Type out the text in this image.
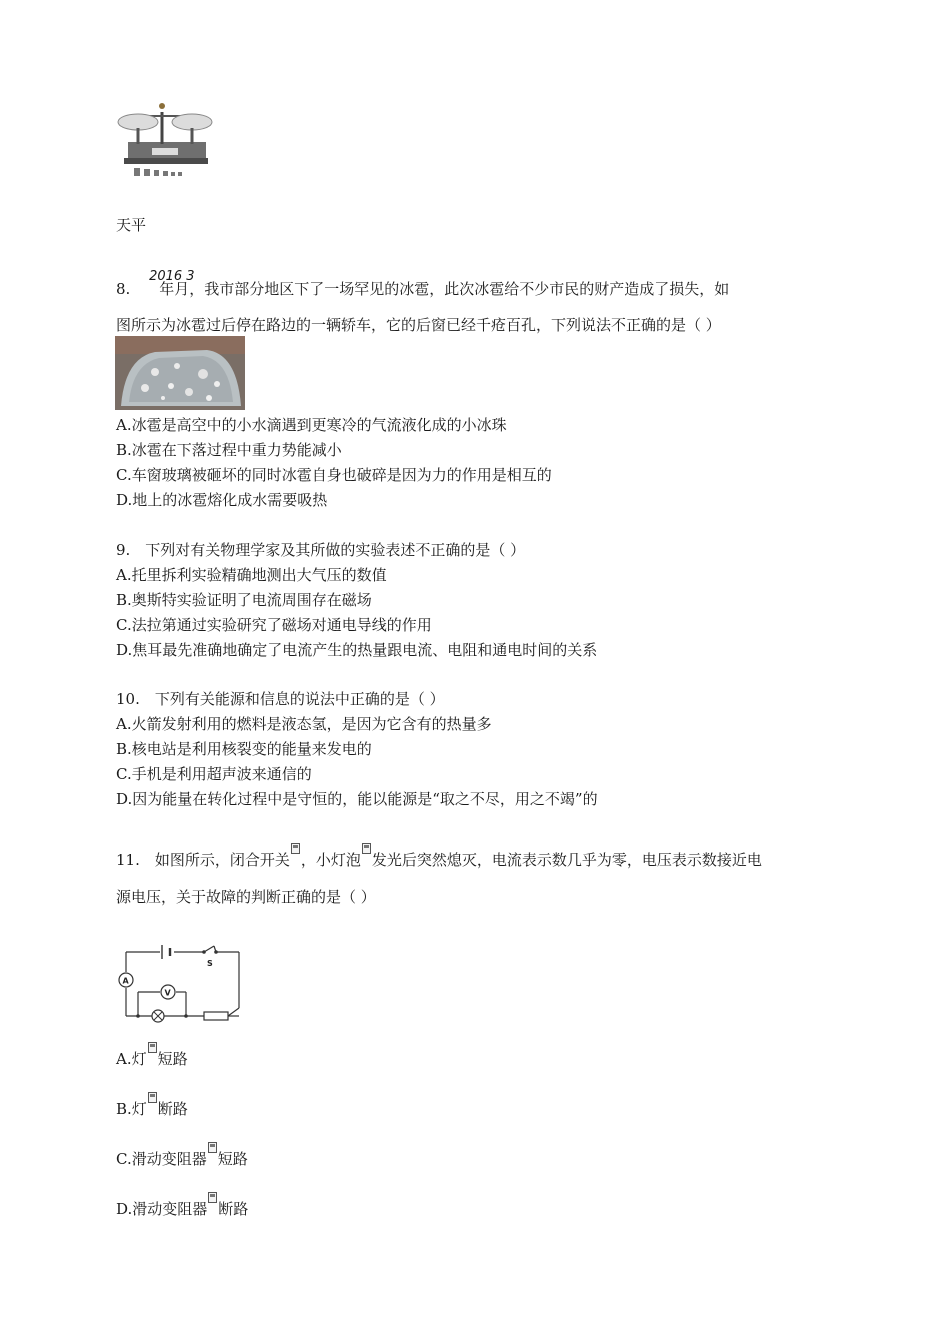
天平
8. 2016 3 年月，我市部分地区下了一场罕见的冰雹，此次冰雹给不少市民的财产造成了损失，如
图所示为冰雹过后停在路边的一辆轿车，它的后窗已经千疮百孔，下列说法不正确的是（ ）
A.冰雹是高空中的小水滴遇到更寒冷的气流液化成的小冰珠
B.冰雹在下落过程中重力势能减小
C.车窗玻璃被砸坏的同时冰雹自身也破碎是因为力的作用是相互的
D.地上的冰雹熔化成水需要吸热
9.　下列对有关物理学家及其所做的实验表述不正确的是（ ）
A.托里拆利实验精确地测出大气压的数值
B.奥斯特实验证明了电流周围存在磁场
C.法拉第通过实验研究了磁场对通电导线的作用
D.焦耳最先准确地确定了电流产生的热量跟电流、电阻和通电时间的关系
10.　下列有关能源和信息的说法中正确的是（ ）
A.火箭发射利用的燃料是液态氢，是因为它含有的热量多
B.核电站是利用核裂变的能量来发电的
C.手机是利用超声波来通信的
D.因为能量在转化过程中是守恒的，能以能源是“取之不尽，用之不竭”的
11.　如图所示，闭合开关 ，小灯泡 发光后突然熄灭，电流表示数几乎为零，电压表示数接近电
源电压，关于故障的判断正确的是（ ）
S
A
V
A.灯 短路
B.灯 断路
C.滑动变阻器 短路
D.滑动变阻器 断路
